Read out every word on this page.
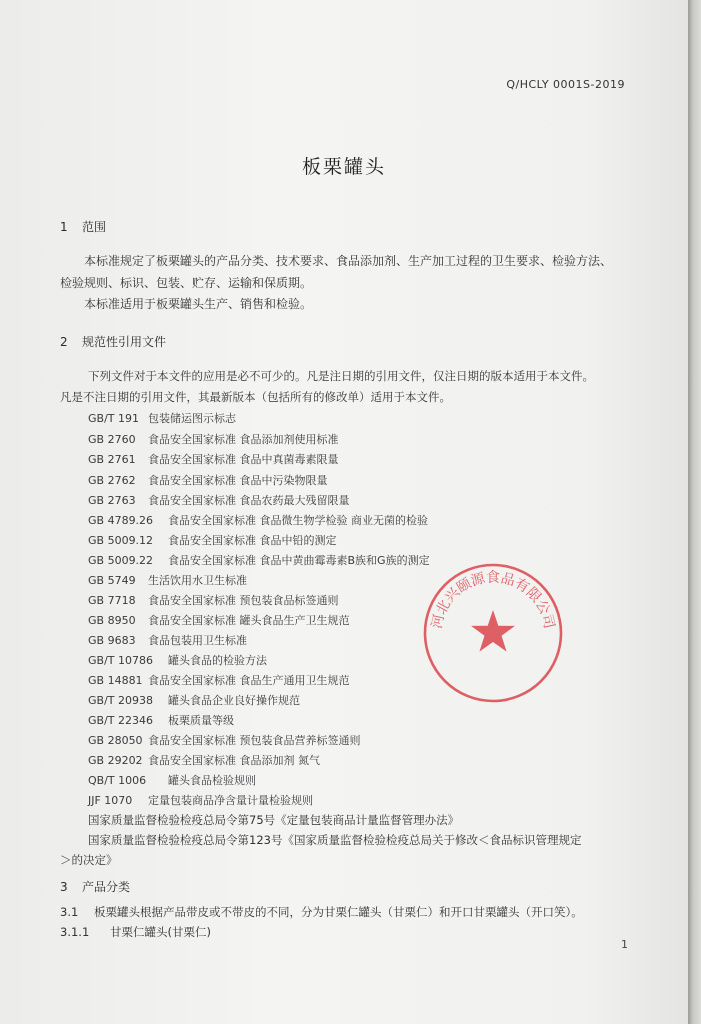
Q/HCLY 0001S-2019
板栗罐头
1 范围
本标准规定了板栗罐头的产品分类、技术要求、食品添加剂、生产加工过程的卫生要求、检验方法、
检验规则、标识、包装、贮存、运输和保质期。
本标准适用于板栗罐头生产、销售和检验。
2 规范性引用文件
下列文件对于本文件的应用是必不可少的。凡是注日期的引用文件，仅注日期的版本适用于本文件。
凡是不注日期的引用文件，其最新版本（包括所有的修改单）适用于本文件。
GB/T 191 包装储运图示标志
GB 2760 食品安全国家标准 食品添加剂使用标准
GB 2761 食品安全国家标准 食品中真菌毒素限量
GB 2762 食品安全国家标准 食品中污染物限量
GB 2763 食品安全国家标准 食品农药最大残留限量
GB 4789.26 食品安全国家标准 食品微生物学检验 商业无菌的检验
GB 5009.12 食品安全国家标准 食品中铅的测定
GB 5009.22 食品安全国家标准 食品中黄曲霉毒素B族和G族的测定
GB 5749 生活饮用水卫生标准
GB 7718 食品安全国家标准 预包装食品标签通则
GB 8950 食品安全国家标准 罐头食品生产卫生规范
GB 9683 食品包装用卫生标准
GB/T 10786 罐头食品的检验方法
GB 14881 食品安全国家标准 食品生产通用卫生规范
GB/T 20938 罐头食品企业良好操作规范
GB/T 22346 板栗质量等级
GB 28050 食品安全国家标准 预包装食品营养标签通则
GB 29202 食品安全国家标准 食品添加剂 氮气
QB/T 1006 罐头食品检验规则
JJF 1070 定量包装商品净含量计量检验规则
国家质量监督检验检疫总局令第75号《定量包装商品计量监督管理办法》
国家质量监督检验检疫总局令第123号《国家质量监督检验检疫总局关于修改＜食品标识管理规定
＞的决定》
3 产品分类
3.1 板栗罐头根据产品带皮或不带皮的不同，分为甘栗仁罐头（甘栗仁）和开口甘栗罐头（开口笑）。
3.1.1 甘栗仁罐头(甘栗仁)
河北兴颐源食品有限公司
1
